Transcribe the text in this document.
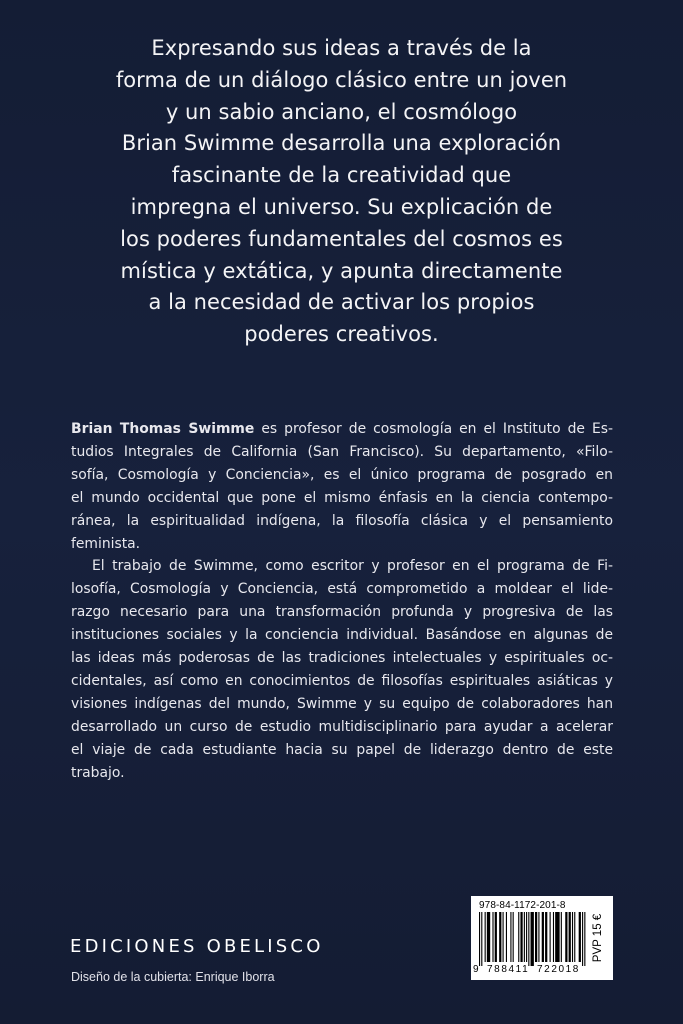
Expresando sus ideas a través de la
forma de un diálogo clásico entre un joven
y un sabio anciano, el cosmólogo
Brian Swimme desarrolla una exploración
fascinante de la creatividad que
impregna el universo. Su explicación de
los poderes fundamentales del cosmos es
mística y extática, y apunta directamente
a la necesidad de activar los propios
poderes creativos.
Brian Thomas Swimme es profesor de cosmología en el Instituto de Es-
tudios Integrales de California (San Francisco). Su departamento, «Filo-
sofía, Cosmología y Conciencia», es el único programa de posgrado en
el mundo occidental que pone el mismo énfasis en la ciencia contempo-
ránea, la espiritualidad indígena, la filosofía clásica y el pensamiento
feminista.
El trabajo de Swimme, como escritor y profesor en el programa de Fi-
losofía, Cosmología y Conciencia, está comprometido a moldear el lide-
razgo necesario para una transformación profunda y progresiva de las
instituciones sociales y la conciencia individual. Basándose en algunas de
las ideas más poderosas de las tradiciones intelectuales y espirituales oc-
cidentales, así como en conocimientos de filosofías espirituales asiáticas y
visiones indígenas del mundo, Swimme y su equipo de colaboradores han
desarrollado un curso de estudio multidisciplinario para ayudar a acelerar
el viaje de cada estudiante hacia su papel de liderazgo dentro de este
trabajo.
EDICIONES OBELISCO
Diseño de la cubierta: Enrique Iborra
978-84-1172-201-8
9 788411 722018
PVP 15 €
